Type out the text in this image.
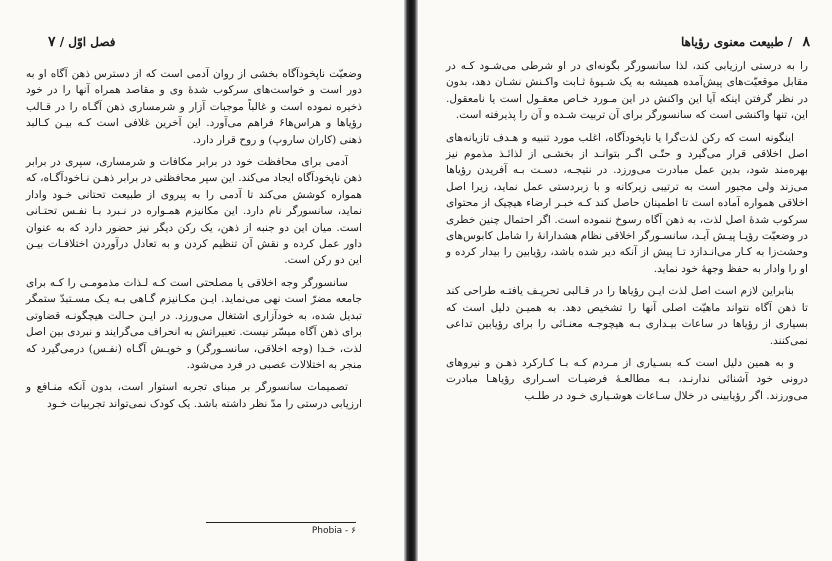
فصل اوّل / ۷

وضعیّت ناپخودآگاه بخشی از روان آدمی است که از دسترس ذهن آگاه او به دور است و خواست‌های سرکوب شدهٔ وی و مقاصد همراه آنها را در خود ذخیره نموده است و غالباً موجبات آزار و شرمساری ذهن آگـاه را در قـالب رؤیاها و هراس‌ها۶ فراهم می‌آورد. این آخرین غلافی است کـه بیـن کـالبد ذهنی (کاران ساروپ) و روح قرار دارد.

آدمی برای محافظت خود در برابر مکافات و شرمساری، سپری در برابر ذهن ناپخودآگاه ایجاد می‌کند. این سپر محافظتی در برابر ذهـن نـاخودآگـاه، که همواره کوشش می‌کند تا آدمی را به پیروی از طبیعت تحتانی خـود وادار نماید، سانسورگر نام دارد. این مکانیزم همـواره در نـبرد بـا نفـس تحتـانی است. میان این دو جنبه از ذهن، یک رکن دیگر نیز حضور دارد که به عنوان داور عمل کرده و نقش آن تنظیم کردن و به تعادل درآوردن اختلافـات بیـن این دو رکن است.

سانسورگر وجه اخلاقی یا مصلحتی است کـه لـذات مذمومـی را کـه برای جامعه مضرّ است نهی می‌نماید. ایـن مکـانیزم گـاهی بـه یـک مسـتبدّ ستمگر تبدیل شده، به خودآزاری اشتغال می‌ورزد. در ایـن حـالت هیچگونـه قضاوتی برای ذهن آگاه میسّر نیست. تعبیراتش به انحراف می‌گرایند و نبردی بین اصل لذت، خـدا (وجه اخلاقی، سانسـورگر) و خویـش آگـاه (نفـس) درمی‌گیرد که منجر به اختلالات عصبی در فرد می‌شود.

تصمیمات سانسورگر بر مبنای تجربه استوار است، بدون آنکه منـافع و ارزیابی درستی را مدّ نظر داشته باشد. یک کودک نمی‌تواند تجربیات خـود

Phobia - ۶
۸ / طبیعت معنوی رؤیاها

را به درستی ارزیابی کند، لذا سانسورگر بگونه‌ای در او شرطی می‌شـود کـه در مقابل موقعیّت‌های پیش‌آمده همیشه به یک شـیوهٔ ثـابت واکـنش نشـان دهد، بدون در نظر گرفتن اینکه آیا این واکنش در این مـورد خـاص معقـول است یا نامعقول. این، تنها واکنشی است که سانسورگر برای آن تربیت شـده و آن را پذیرفته است.

اینگونه است که رکن لذت‌گرا یا ناپخودآگاه، اغلب مورد تنبیه و هـدف تازیانه‌های اصل اخلاقی قرار می‌گیرد و حتّـی اگـر بتوانـد از بخشـی از لذائـذ مذموم نیز بهره‌مند شود، بدین عمل مبادرت می‌ورزد. در نتیجـه، دسـت بـه آفریدن رؤیاها می‌زند ولی مجبور است به ترتیبی زیرکانه و با زبردستی عمل نماید، زیرا اصل اخلاقی همواره آماده است تا اطمینان حاصل کند کـه خبـر ارضاء هیچیک از محتوای سرکوب شدهٔ اصل لذت، به ذهن آگاه رسوخ ننموده است. اگر احتمال چنین خطری در وضعیّت رؤیـا پیـش آیـد، سانسـورگر اخلاقی نظام هشدارانهٔ را شامل کابوس‌های وحشت‌زا به کـار می‌انـدازد تـا پیش از آنکه دیر شده باشد، رؤیابین را بیدار کرده و او را وادار به حفظ وجههٔ خود نماید.

بنابراین لازم است اصل لذت ایـن رؤیاها را در قـالبی تحریـف یافتـه طراحی کند تا ذهن آگاه نتواند ماهیّت اصلی آنها را تشخیص دهد. به همیـن دلیل است که بسیاری از رؤیاها در ساعات بیـداری بـه هیچوجـه معنـائی را برای رؤیابین تداعی نمی‌کنند.

و به همین دلیل است کـه بسـیاری از مـردم کـه بـا کـارکرد ذهـن و نیروهای درونی خود آشنائی ندارنـد، بـه مطالعـهٔ فرضیـات اسـراری رؤیاهـا مبادرت می‌ورزند. اگر رؤیابینی در خلال سـاعات هوشـیاری خـود در طلـب
